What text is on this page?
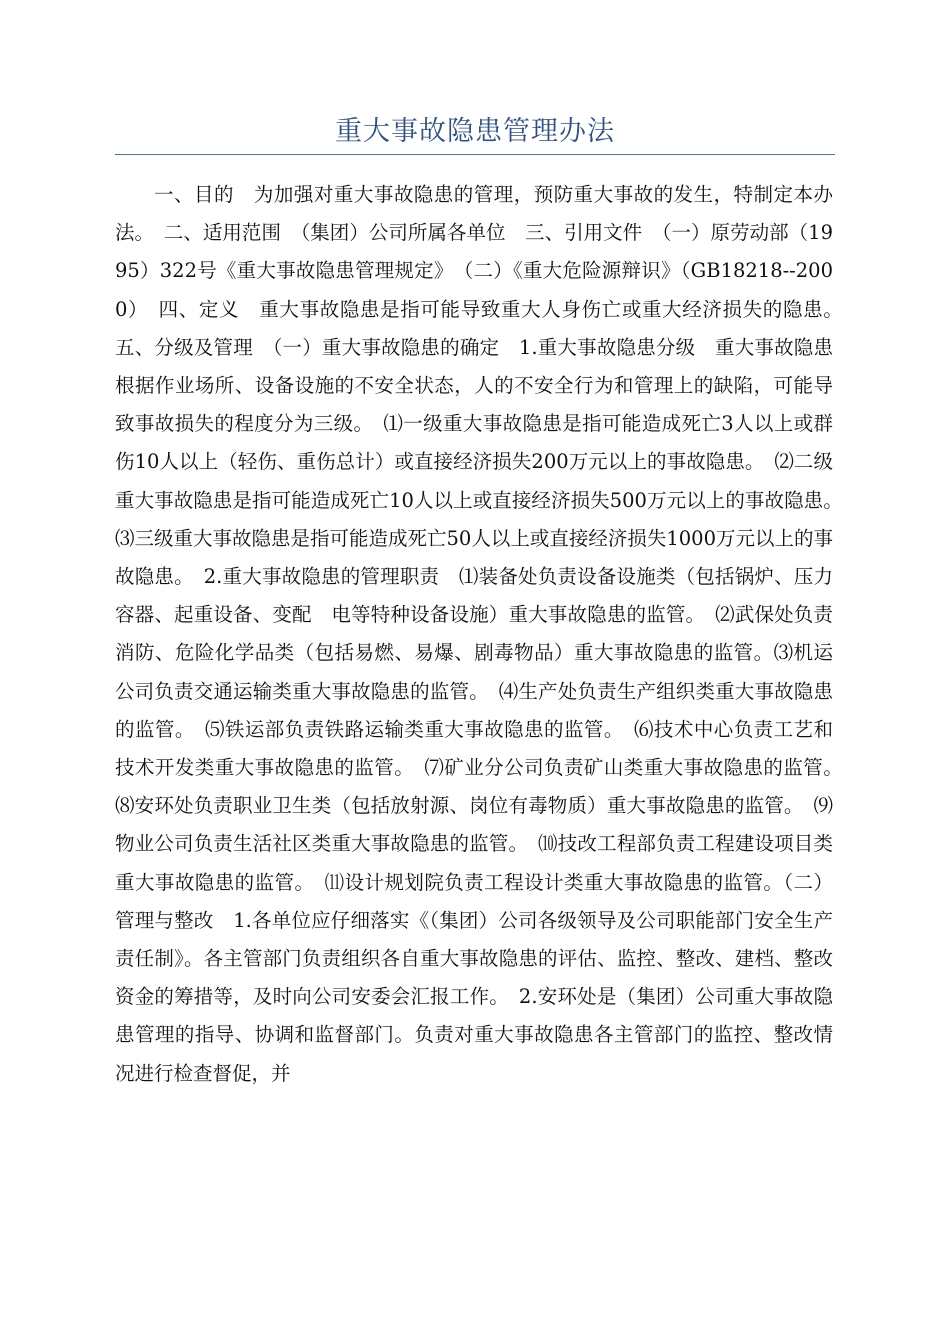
重大事故隐患管理办法

一、目的　为加强对重大事故隐患的管理，预防重大事故的发生，特制定本办法。　二、适用范围　（集团）公司所属各单位　三、引用文件　（一）原劳动部（1995）322号《重大事故隐患管理规定》　（二）《重大危险源辩识》（GB18218--2000）　四、定义　重大事故隐患是指可能导致重大人身伤亡或重大经济损失的隐患。　五、分级及管理　（一）重大事故隐患的确定　1.重大事故隐患分级　重大事故隐患根据作业场所、设备设施的不安全状态，人的不安全行为和管理上的缺陷，可能导致事故损失的程度分为三级。　⑴一级重大事故隐患是指可能造成死亡3人以上或群伤10人以上（轻伤、重伤总计）或直接经济损失200万元以上的事故隐患。　⑵二级重大事故隐患是指可能造成死亡10人以上或直接经济损失500万元以上的事故隐患。　⑶三级重大事故隐患是指可能造成死亡50人以上或直接经济损失1000万元以上的事故隐患。　2.重大事故隐患的管理职责　⑴装备处负责设备设施类（包括锅炉、压力容器、起重设备、变配　电等特种设备设施）重大事故隐患的监管。　⑵武保处负责消防、危险化学品类（包括易燃、易爆、剧毒物品）重大事故隐患的监管。⑶机运公司负责交通运输类重大事故隐患的监管。　⑷生产处负责生产组织类重大事故隐患的监管。　⑸铁运部负责铁路运输类重大事故隐患的监管。　⑹技术中心负责工艺和技术开发类重大事故隐患的监管。　⑺矿业分公司负责矿山类重大事故隐患的监管。　⑻安环处负责职业卫生类（包括放射源、岗位有毒物质）重大事故隐患的监管。　⑼物业公司负责生活社区类重大事故隐患的监管。　⑽技改工程部负责工程建设项目类重大事故隐患的监管。　⑾设计规划院负责工程设计类重大事故隐患的监管。（二）管理与整改　1.各单位应仔细落实《（集团）公司各级领导及公司职能部门安全生产责任制》。各主管部门负责组织各自重大事故隐患的评估、监控、整改、建档、整改资金的筹措等，及时向公司安委会汇报工作。　2.安环处是（集团）公司重大事故隐患管理的指导、协调和监督部门。负责对重大事故隐患各主管部门的监控、整改情况进行检查督促，并
